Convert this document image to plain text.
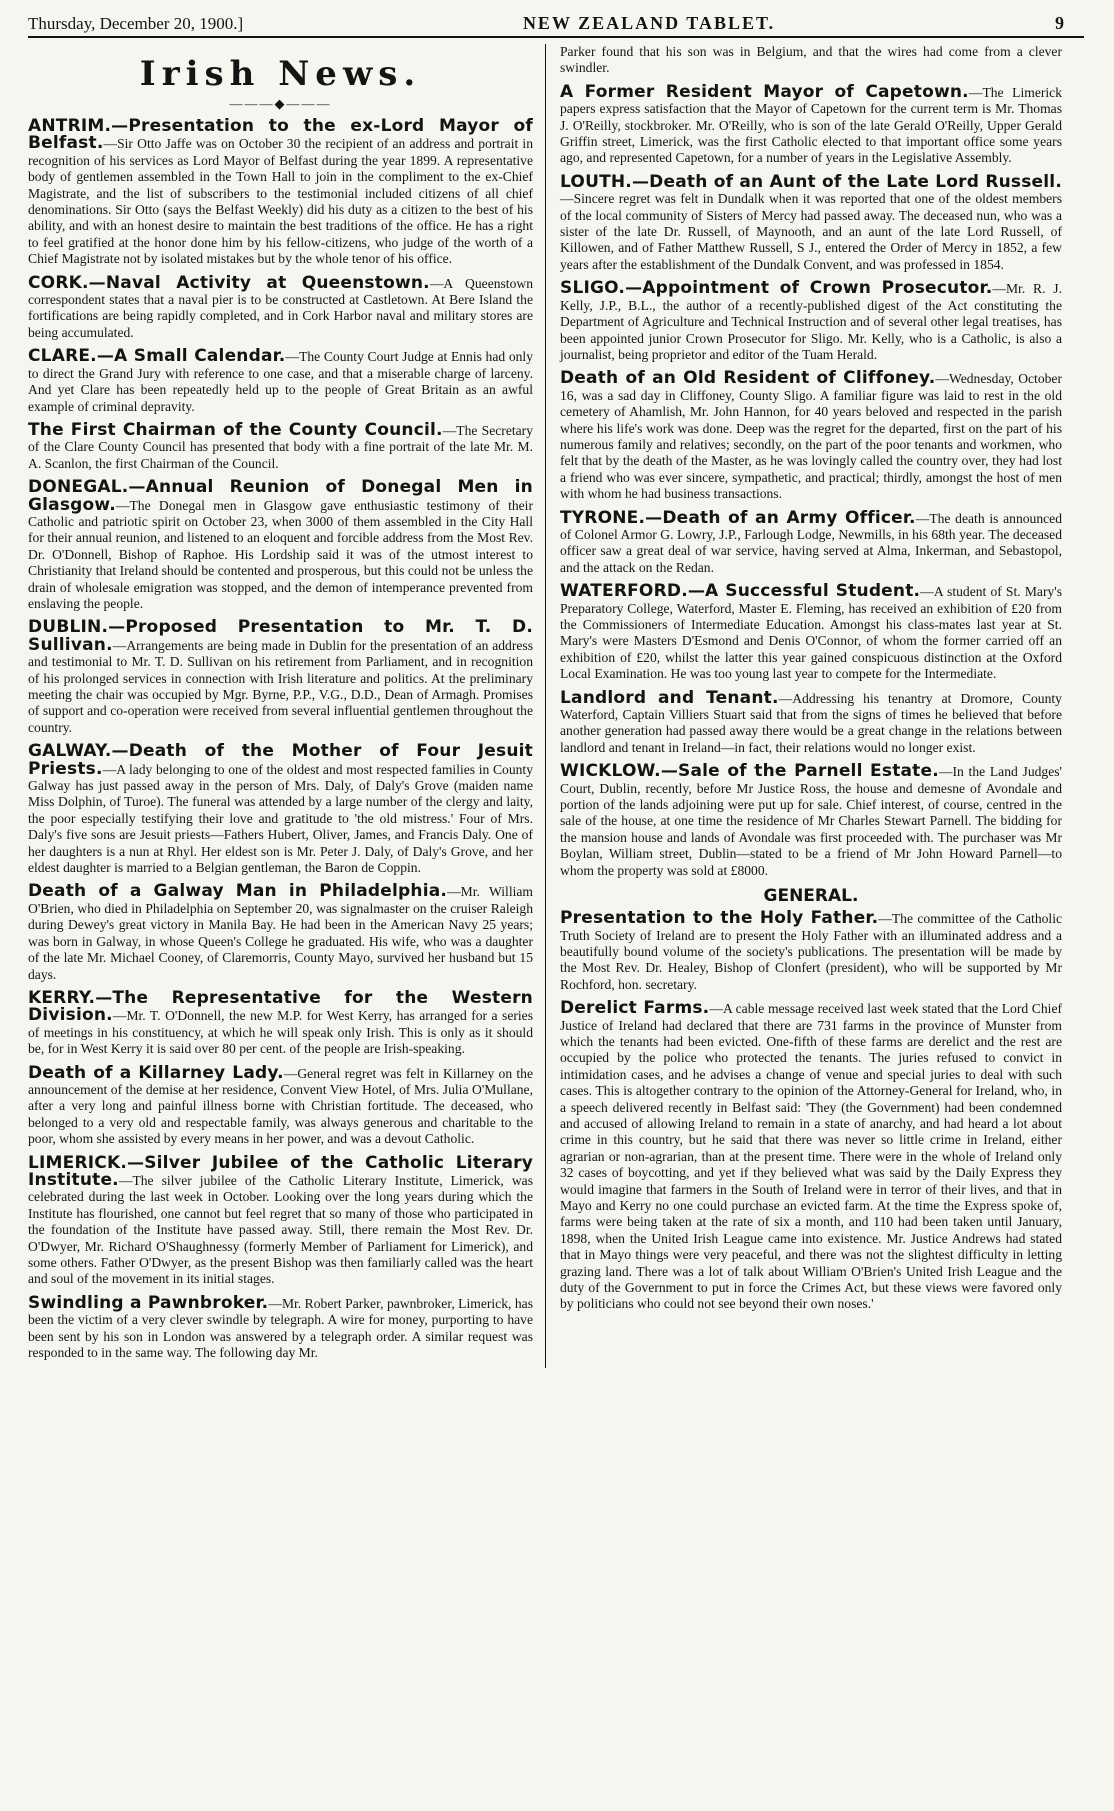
Thursday, December 20, 1900.]	NEW ZEALAND TABLET.	9
Irish News.
———◆———

ANTRIM.—Presentation to the ex-Lord Mayor of Belfast.—Sir Otto Jaffe was on October 30 the recipient of an address and portrait in recognition of his services as Lord Mayor of Belfast during the year 1899. A representative body of gentlemen assembled in the Town Hall to join in the compliment to the ex-Chief Magistrate, and the list of subscribers to the testimonial included citizens of all chief denominations. Sir Otto (says the Belfast Weekly) did his duty as a citizen to the best of his ability, and with an honest desire to maintain the best traditions of the office. He has a right to feel gratified at the honor done him by his fellow-citizens, who judge of the worth of a Chief Magistrate not by isolated mistakes but by the whole tenor of his office.

CORK.—Naval Activity at Queenstown.—A Queenstown correspondent states that a naval pier is to be constructed at Castletown. At Bere Island the fortifications are being rapidly completed, and in Cork Harbor naval and military stores are being accumulated.

CLARE.—A Small Calendar.—The County Court Judge at Ennis had only to direct the Grand Jury with reference to one case, and that a miserable charge of larceny. And yet Clare has been repeatedly held up to the people of Great Britain as an awful example of criminal depravity.

The First Chairman of the County Council.—The Secretary of the Clare County Council has presented that body with a fine portrait of the late Mr. M. A. Scanlon, the first Chairman of the Council.

DONEGAL.—Annual Reunion of Donegal Men in Glasgow.—The Donegal men in Glasgow gave enthusiastic testimony of their Catholic and patriotic spirit on October 23, when 3000 of them assembled in the City Hall for their annual reunion, and listened to an eloquent and forcible address from the Most Rev. Dr. O'Donnell, Bishop of Raphoe. His Lordship said it was of the utmost interest to Christianity that Ireland should be contented and prosperous, but this could not be unless the drain of wholesale emigration was stopped, and the demon of intemperance prevented from enslaving the people.

DUBLIN.—Proposed Presentation to Mr. T. D. Sullivan.—Arrangements are being made in Dublin for the presentation of an address and testimonial to Mr. T. D. Sullivan on his retirement from Parliament, and in recognition of his prolonged services in connection with Irish literature and politics. At the preliminary meeting the chair was occupied by Mgr. Byrne, P.P., V.G., D.D., Dean of Armagh. Promises of support and co-operation were received from several influential gentlemen throughout the country.

GALWAY.—Death of the Mother of Four Jesuit Priests.—A lady belonging to one of the oldest and most respected families in County Galway has just passed away in the person of Mrs. Daly, of Daly's Grove (maiden name Miss Dolphin, of Turoe). The funeral was attended by a large number of the clergy and laity, the poor especially testifying their love and gratitude to 'the old mistress.' Four of Mrs. Daly's five sons are Jesuit priests—Fathers Hubert, Oliver, James, and Francis Daly. One of her daughters is a nun at Rhyl. Her eldest son is Mr. Peter J. Daly, of Daly's Grove, and her eldest daughter is married to a Belgian gentleman, the Baron de Coppin.

Death of a Galway Man in Philadelphia.—Mr. William O'Brien, who died in Philadelphia on September 20, was signalmaster on the cruiser Raleigh during Dewey's great victory in Manila Bay. He had been in the American Navy 25 years; was born in Galway, in whose Queen's College he graduated. His wife, who was a daughter of the late Mr. Michael Cooney, of Claremorris, County Mayo, survived her husband but 15 days.

KERRY.—The Representative for the Western Division.—Mr. T. O'Donnell, the new M.P. for West Kerry, has arranged for a series of meetings in his constituency, at which he will speak only Irish. This is only as it should be, for in West Kerry it is said over 80 per cent. of the people are Irish-speaking.

Death of a Killarney Lady.—General regret was felt in Killarney on the announcement of the demise at her residence, Convent View Hotel, of Mrs. Julia O'Mullane, after a very long and painful illness borne with Christian fortitude. The deceased, who belonged to a very old and respectable family, was always generous and charitable to the poor, whom she assisted by every means in her power, and was a devout Catholic.

LIMERICK.—Silver Jubilee of the Catholic Literary Institute.—The silver jubilee of the Catholic Literary Institute, Limerick, was celebrated during the last week in October. Looking over the long years during which the Institute has flourished, one cannot but feel regret that so many of those who participated in the foundation of the Institute have passed away. Still, there remain the Most Rev. Dr. O'Dwyer, Mr. Richard O'Shaughnessy (formerly Member of Parliament for Limerick), and some others. Father O'Dwyer, as the present Bishop was then familiarly called was the heart and soul of the movement in its initial stages.

Swindling a Pawnbroker.—Mr. Robert Parker, pawnbroker, Limerick, has been the victim of a very clever swindle by telegraph. A wire for money, purporting to have been sent by his son in London was answered by a telegraph order. A similar request was responded to in the same way. The following day Mr.

Parker found that his son was in Belgium, and that the wires had come from a clever swindler.

A Former Resident Mayor of Capetown.—The Limerick papers express satisfaction that the Mayor of Capetown for the current term is Mr. Thomas J. O'Reilly, stockbroker. Mr. O'Reilly, who is son of the late Gerald O'Reilly, Upper Gerald Griffin street, Limerick, was the first Catholic elected to that important office some years ago, and represented Capetown, for a number of years in the Legislative Assembly.

LOUTH.—Death of an Aunt of the Late Lord Russell.—Sincere regret was felt in Dundalk when it was reported that one of the oldest members of the local community of Sisters of Mercy had passed away. The deceased nun, who was a sister of the late Dr. Russell, of Maynooth, and an aunt of the late Lord Russell, of Killowen, and of Father Matthew Russell, S J., entered the Order of Mercy in 1852, a few years after the establishment of the Dundalk Convent, and was professed in 1854.

SLIGO.—Appointment of Crown Prosecutor.—Mr. R. J. Kelly, J.P., B.L., the author of a recently-published digest of the Act constituting the Department of Agriculture and Technical Instruction and of several other legal treatises, has been appointed junior Crown Prosecutor for Sligo. Mr. Kelly, who is a Catholic, is also a journalist, being proprietor and editor of the Tuam Herald.

Death of an Old Resident of Cliffoney.—Wednesday, October 16, was a sad day in Cliffoney, County Sligo. A familiar figure was laid to rest in the old cemetery of Ahamlish, Mr. John Hannon, for 40 years beloved and respected in the parish where his life's work was done. Deep was the regret for the departed, first on the part of his numerous family and relatives; secondly, on the part of the poor tenants and workmen, who felt that by the death of the Master, as he was lovingly called the country over, they had lost a friend who was ever sincere, sympathetic, and practical; thirdly, amongst the host of men with whom he had business transactions.

TYRONE.—Death of an Army Officer.—The death is announced of Colonel Armor G. Lowry, J.P., Farlough Lodge, Newmills, in his 68th year. The deceased officer saw a great deal of war service, having served at Alma, Inkerman, and Sebastopol, and the attack on the Redan.

WATERFORD.—A Successful Student.—A student of St. Mary's Preparatory College, Waterford, Master E. Fleming, has received an exhibition of £20 from the Commissioners of Intermediate Education. Amongst his class-mates last year at St. Mary's were Masters D'Esmond and Denis O'Connor, of whom the former carried off an exhibition of £20, whilst the latter this year gained conspicuous distinction at the Oxford Local Examination. He was too young last year to compete for the Intermediate.

Landlord and Tenant.—Addressing his tenantry at Dromore, County Waterford, Captain Villiers Stuart said that from the signs of times he believed that before another generation had passed away there would be a great change in the relations between landlord and tenant in Ireland—in fact, their relations would no longer exist.

WICKLOW.—Sale of the Parnell Estate.—In the Land Judges' Court, Dublin, recently, before Mr Justice Ross, the house and demesne of Avondale and portion of the lands adjoining were put up for sale. Chief interest, of course, centred in the sale of the house, at one time the residence of Mr Charles Stewart Parnell. The bidding for the mansion house and lands of Avondale was first proceeded with. The purchaser was Mr Boylan, William street, Dublin—stated to be a friend of Mr John Howard Parnell—to whom the property was sold at £8000.

GENERAL.

Presentation to the Holy Father.—The committee of the Catholic Truth Society of Ireland are to present the Holy Father with an illuminated address and a beautifully bound volume of the society's publications. The presentation will be made by the Most Rev. Dr. Healey, Bishop of Clonfert (president), who will be supported by Mr Rochford, hon. secretary.

Derelict Farms.—A cable message received last week stated that the Lord Chief Justice of Ireland had declared that there are 731 farms in the province of Munster from which the tenants had been evicted. One-fifth of these farms are derelict and the rest are occupied by the police who protected the tenants. The juries refused to convict in intimidation cases, and he advises a change of venue and special juries to deal with such cases. This is altogether contrary to the opinion of the Attorney-General for Ireland, who, in a speech delivered recently in Belfast said: 'They (the Government) had been condemned and accused of allowing Ireland to remain in a state of anarchy, and had heard a lot about crime in this country, but he said that there was never so little crime in Ireland, either agrarian or non-agrarian, than at the present time. There were in the whole of Ireland only 32 cases of boycotting, and yet if they believed what was said by the Daily Express they would imagine that farmers in the South of Ireland were in terror of their lives, and that in Mayo and Kerry no one could purchase an evicted farm. At the time the Express spoke of, farms were being taken at the rate of six a month, and 110 had been taken until January, 1898, when the United Irish League came into existence. Mr. Justice Andrews had stated that in Mayo things were very peaceful, and there was not the slightest difficulty in letting grazing land. There was a lot of talk about William O'Brien's United Irish League and the duty of the Government to put in force the Crimes Act, but these views were favored only by politicians who could not see beyond their own noses.'
